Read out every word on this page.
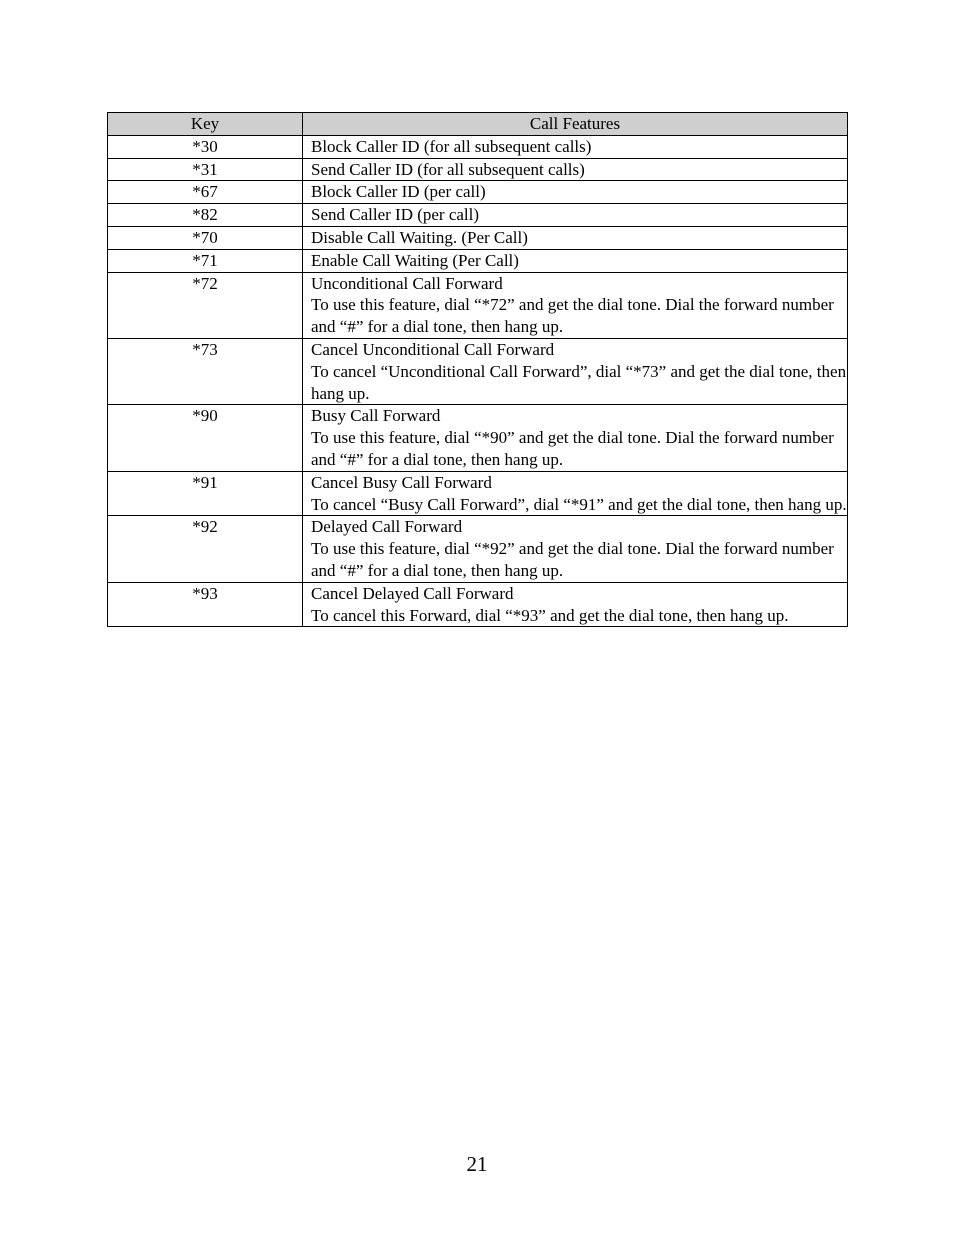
Key	Call Features
*30	Block Caller ID (for all subsequent calls)

*31	Send Caller ID (for all subsequent calls)

*67	Block Caller ID (per call)

*82	Send Caller ID (per call)

*70	Disable Call Waiting. (Per Call)

*71	Enable Call Waiting (Per Call)

*72	Unconditional Call Forward
To use this feature, dial “*72” and get the dial tone. Dial the forward number and “#” for a dial tone, then hang up.

*73	Cancel Unconditional Call Forward
To cancel “Unconditional Call Forward”, dial “*73” and get the dial tone, then hang up.

*90	Busy Call Forward
To use this feature, dial “*90” and get the dial tone. Dial the forward number and “#” for a dial tone, then hang up.

*91	Cancel Busy Call Forward
To cancel “Busy Call Forward”, dial “*91” and get the dial tone, then hang up.

*92	Delayed Call Forward
To use this feature, dial “*92” and get the dial tone. Dial the forward number and “#” for a dial tone, then hang up.

*93	Cancel Delayed Call Forward
To cancel this Forward, dial “*93” and get the dial tone, then hang up.
21
